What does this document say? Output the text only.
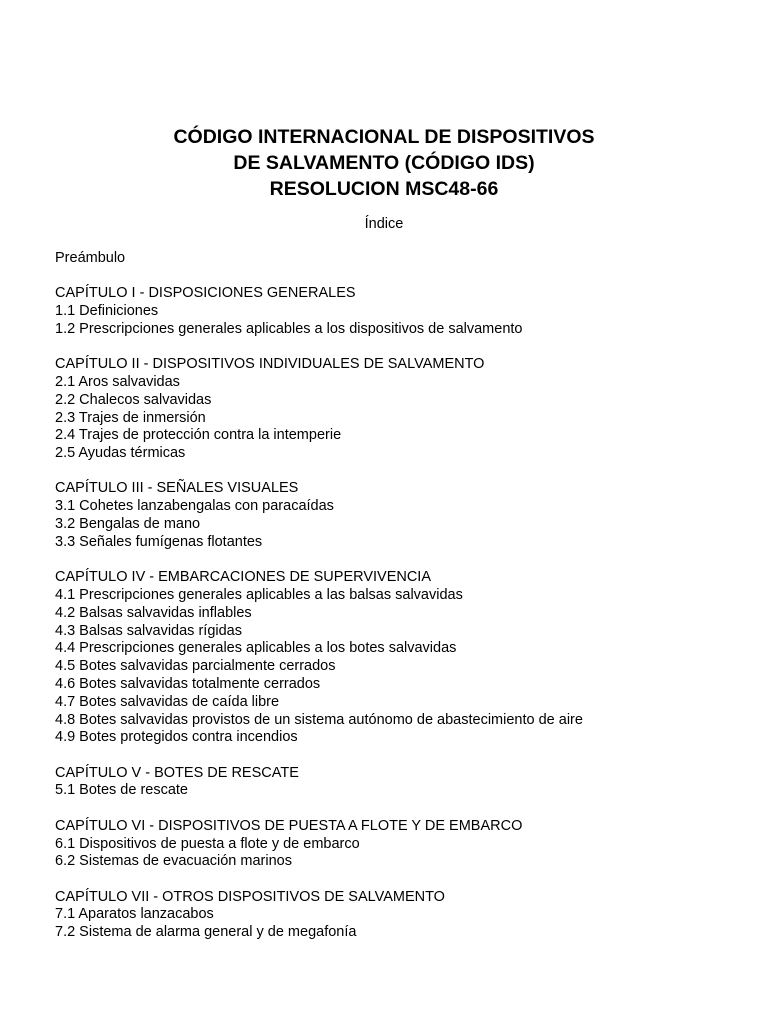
CÓDIGO INTERNACIONAL DE DISPOSITIVOS
DE SALVAMENTO (CÓDIGO IDS)
RESOLUCION MSC48-66
Índice
Preámbulo
CAPÍTULO I - DISPOSICIONES GENERALES
1.1 Definiciones
1.2 Prescripciones generales aplicables a los dispositivos de salvamento
CAPÍTULO II - DISPOSITIVOS INDIVIDUALES DE SALVAMENTO
2.1 Aros salvavidas
2.2 Chalecos salvavidas
2.3 Trajes de inmersión
2.4 Trajes de protección contra la intemperie
2.5 Ayudas térmicas
CAPÍTULO III - SEÑALES VISUALES
3.1 Cohetes lanzabengalas con paracaídas
3.2 Bengalas de mano
3.3 Señales fumígenas flotantes
CAPÍTULO IV - EMBARCACIONES DE SUPERVIVENCIA
4.1 Prescripciones generales aplicables a las balsas salvavidas
4.2 Balsas salvavidas inflables
4.3 Balsas salvavidas rígidas
4.4 Prescripciones generales aplicables a los botes salvavidas
4.5 Botes salvavidas parcialmente cerrados
4.6 Botes salvavidas totalmente cerrados
4.7 Botes salvavidas de caída libre
4.8 Botes salvavidas provistos de un sistema autónomo de abastecimiento de aire
4.9 Botes protegidos contra incendios
CAPÍTULO V - BOTES DE RESCATE
5.1 Botes de rescate
CAPÍTULO VI - DISPOSITIVOS DE PUESTA A FLOTE Y DE EMBARCO
6.1 Dispositivos de puesta a flote y de embarco
6.2 Sistemas de evacuación marinos
CAPÍTULO VII - OTROS DISPOSITIVOS DE SALVAMENTO
7.1 Aparatos lanzacabos
7.2 Sistema de alarma general y de megafonía
